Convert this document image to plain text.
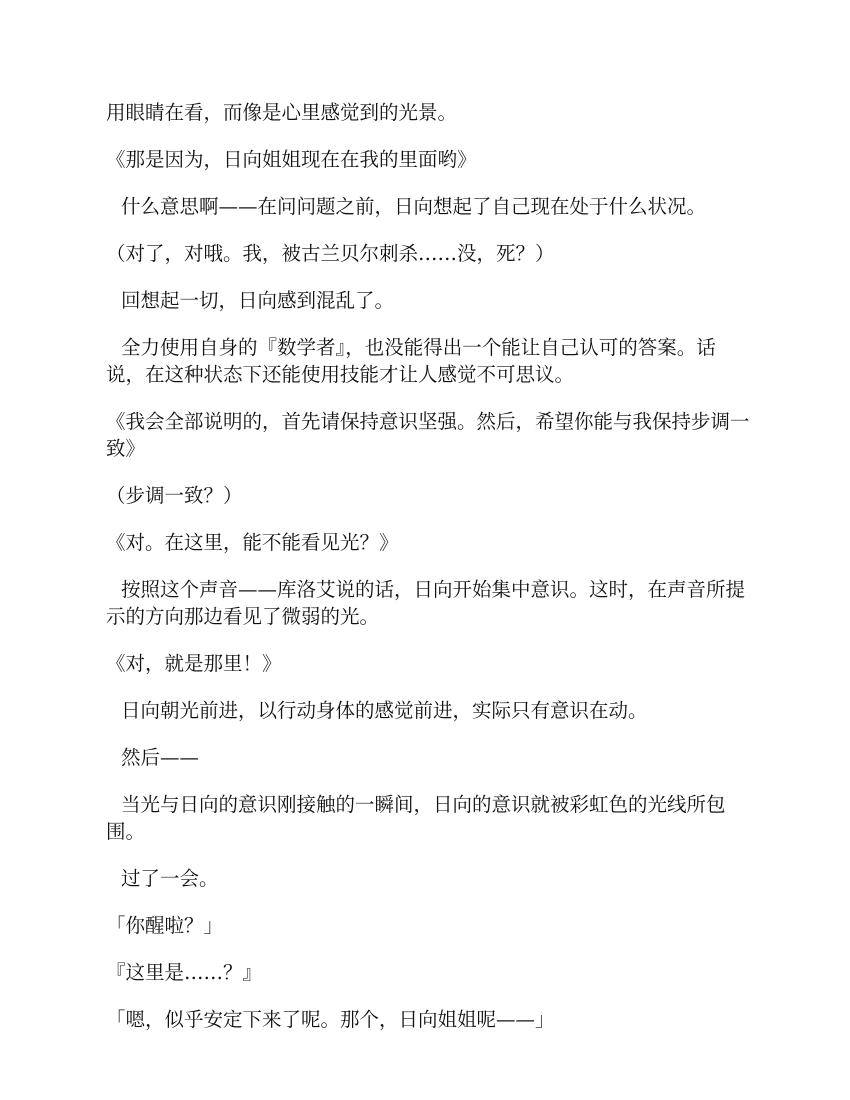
用眼睛在看，而像是心里感觉到的光景。

《那是因为，日向姐姐现在在我的里面哟》

什么意思啊——在问问题之前，日向想起了自己现在处于什么状况。

（对了，对哦。我，被古兰贝尔刺杀……没，死？）

回想起一切，日向感到混乱了。

全力使用自身的『数学者』，也没能得出一个能让自己认可的答案。话说，在这种状态下还能使用技能才让人感觉不可思议。

《我会全部说明的，首先请保持意识坚强。然后，希望你能与我保持步调一致》

（步调一致？）

《对。在这里，能不能看见光？》

按照这个声音——库洛艾说的话，日向开始集中意识。这时，在声音所提示的方向那边看见了微弱的光。

《对，就是那里！》

日向朝光前进，以行动身体的感觉前进，实际只有意识在动。

然后——

当光与日向的意识刚接触的一瞬间，日向的意识就被彩虹色的光线所包围。

过了一会。

「你醒啦？」

『这里是……？』

「嗯，似乎安定下来了呢。那个，日向姐姐呢——」
